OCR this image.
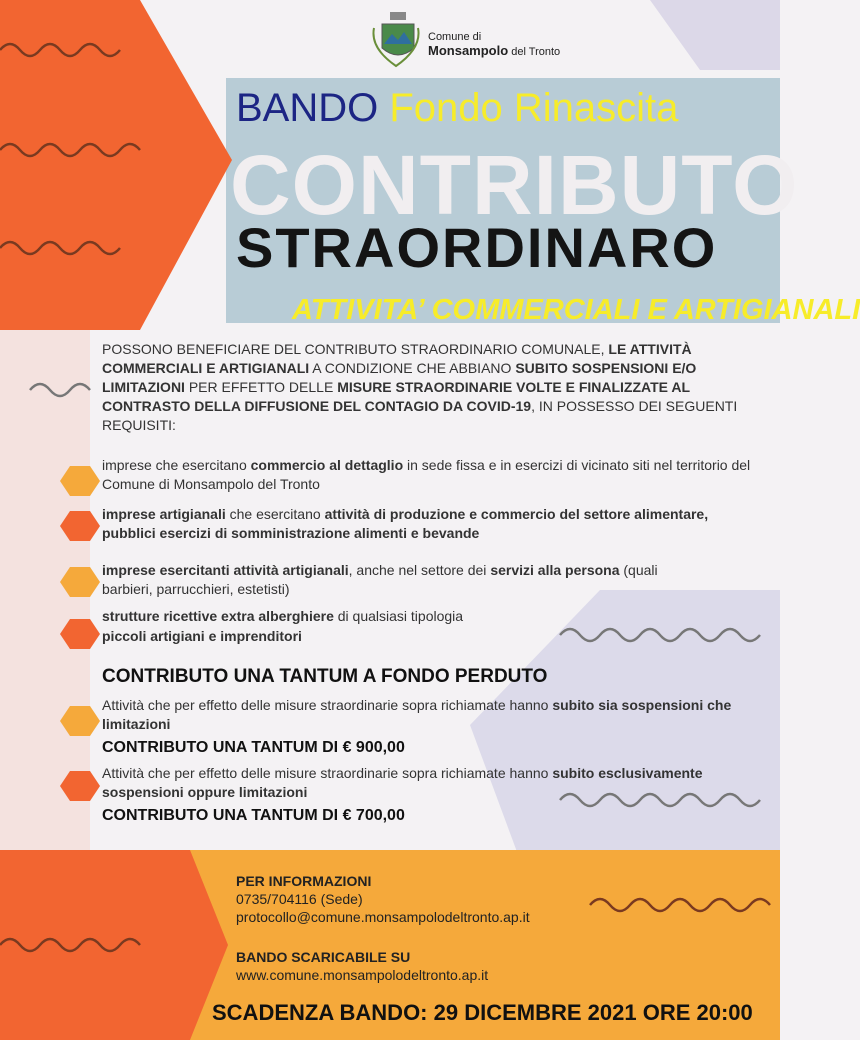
Comune di
Monsampolo del Tronto
BANDO Fondo Rinascita
CONTRIBUTO
STRAORDINARO
ATTIVITA’ COMMERCIALI E ARTIGIANALI
POSSONO BENEFICIARE DEL CONTRIBUTO STRAORDINARIO COMUNALE, LE ATTIVITÀ COMMERCIALI E ARTIGIANALI A CONDIZIONE CHE ABBIANO SUBITO SOSPENSIONI E/O LIMITAZIONI PER EFFETTO DELLE MISURE STRAORDINARIE VOLTE E FINALIZZATE AL CONTRASTO DELLA DIFFUSIONE DEL CONTAGIO DA COVID-19, IN POSSESSO DEI SEGUENTI REQUISITI:
imprese che esercitano commercio al dettaglio in sede fissa e in esercizi di vicinato siti nel territorio del Comune di Monsampolo del Tronto
imprese artigianali che esercitano attività di produzione e commercio del settore alimentare, pubblici esercizi di somministrazione alimenti e bevande
imprese esercitanti attività artigianali, anche nel settore dei servizi alla persona (quali barbieri, parrucchieri, estetisti)
strutture ricettive extra alberghiere di qualsiasi tipologia
piccoli artigiani e imprenditori
CONTRIBUTO UNA TANTUM A FONDO PERDUTO
Attività che per effetto delle misure straordinarie sopra richiamate hanno subito sia sospensioni che limitazioni
CONTRIBUTO UNA TANTUM DI € 900,00
Attività che per effetto delle misure straordinarie sopra richiamate hanno subito esclusivamente sospensioni oppure limitazioni
CONTRIBUTO UNA TANTUM DI € 700,00
PER INFORMAZIONI
0735/704116 (Sede)
protocollo@comune.monsampolodeltronto.ap.it
BANDO SCARICABILE SU
www.comune.monsampolodeltronto.ap.it
SCADENZA BANDO: 29 DICEMBRE 2021 ORE 20:00
